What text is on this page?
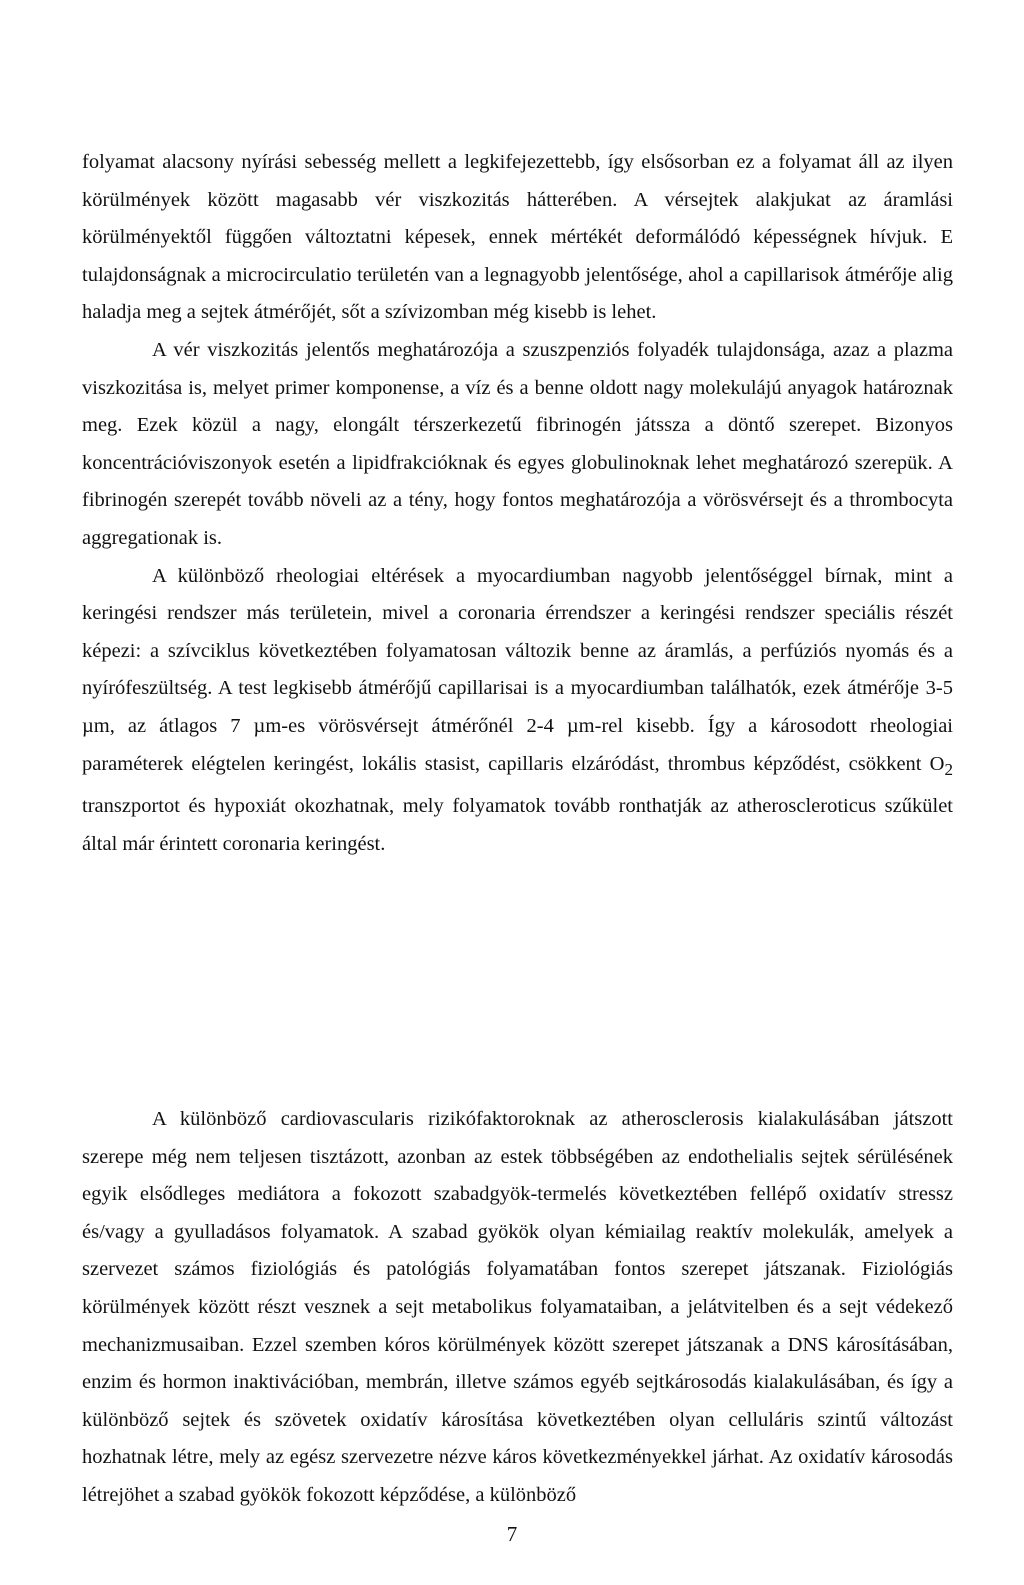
folyamat alacsony nyírási sebesség mellett a legkifejezettebb, így elsősorban ez a folyamat áll az ilyen körülmények között magasabb vér viszkozitás hátterében. A vérsejtek alakjukat az áramlási körülményektől függően változtatni képesek, ennek mértékét deformálódó képességnek hívjuk. E tulajdonságnak a microcirculatio területén van a legnagyobb jelentősége, ahol a capillarisok átmérője alig haladja meg a sejtek átmérőjét, sőt a szívizomban még kisebb is lehet.

A vér viszkozitás jelentős meghatározója a szuszpenziós folyadék tulajdonsága, azaz a plazma viszkozitása is, melyet primer komponense, a víz és a benne oldott nagy molekulájú anyagok határoznak meg. Ezek közül a nagy, elongált térszerkezetű fibrinogén játssza a döntő szerepet. Bizonyos koncentrációviszonyok esetén a lipidfrakcióknak és egyes globulinoknak lehet meghatározó szerepük. A fibrinogén szerepét tovább növeli az a tény, hogy fontos meghatározója a vörösvérsejt és a thrombocyta aggregationak is.

A különböző rheologiai eltérések a myocardiumban nagyobb jelentőséggel bírnak, mint a keringési rendszer más területein, mivel a coronaria érrendszer a keringési rendszer speciális részét képezi: a szívciklus következtében folyamatosan változik benne az áramlás, a perfúziós nyomás és a nyírófeszültség. A test legkisebb átmérőjű capillarisai is a myocardiumban találhatók, ezek átmérője 3-5 µm, az átlagos 7 µm-es vörösvérsejt átmérőnél 2-4 µm-rel kisebb. Így a károsodott rheologiai paraméterek elégtelen keringést, lokális stasist, capillaris elzáródást, thrombus képződést, csökkent $O_2$ transzportot és hypoxiát okozhatnak, mely folyamatok tovább ronthatják az atheroscleroticus szűkület által már érintett coronaria keringést.

A különböző cardiovascularis rizikófaktoroknak az atherosclerosis kialakulásában játszott szerepe még nem teljesen tisztázott, azonban az estek többségében az endothelialis sejtek sérülésének egyik elsődleges mediátora a fokozott szabadgyök-termelés következtében fellépő oxidatív stressz és/vagy a gyulladásos folyamatok. A szabad gyökök olyan kémiailag reaktív molekulák, amelyek a szervezet számos fiziológiás és patológiás folyamatában fontos szerepet játszanak. Fiziológiás körülmények között részt vesznek a sejt metabolikus folyamataiban, a jelátvitelben és a sejt védekező mechanizmusaiban. Ezzel szemben kóros körülmények között szerepet játszanak a DNS károsításában, enzim és hormon inaktivációban, membrán, illetve számos egyéb sejtkárosodás kialakulásában, és így a különböző sejtek és szövetek oxidatív károsítása következtében olyan celluláris szintű változást hozhatnak létre, mely az egész szervezetre nézve káros következményekkel járhat. Az oxidatív károsodás létrejöhet a szabad gyökök fokozott képződése, a különböző

7
